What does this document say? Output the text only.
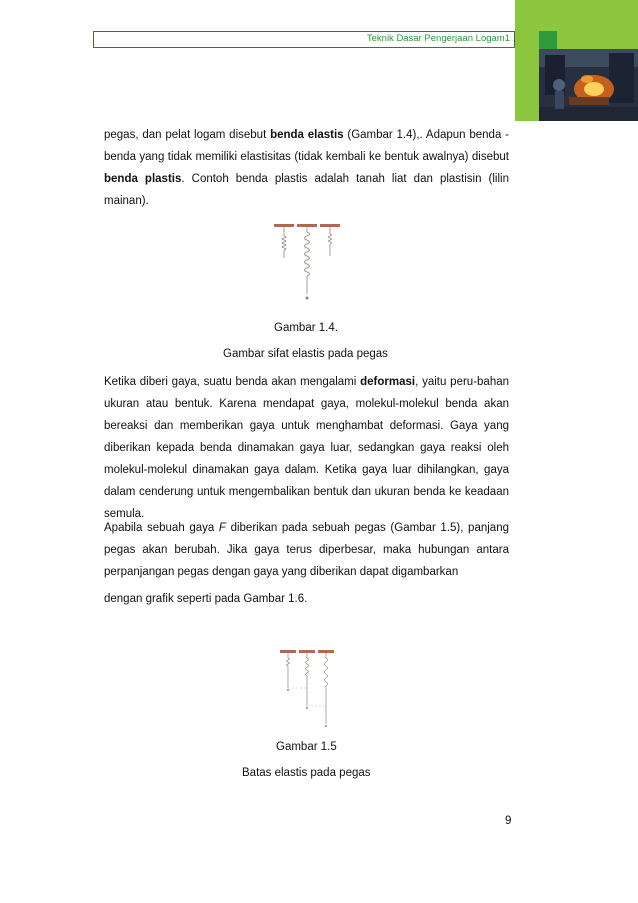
Teknik Dasar Pengerjaan Logam1

pegas, dan pelat logam disebut benda elastis (Gambar 1.4),. Adapun benda -benda yang tidak memiliki elastisitas (tidak kembali ke bentuk awalnya) disebut benda plastis. Contoh benda plastis adalah tanah liat dan plastisin (lilin mainan).

Gambar 1.4.

Gambar sifat elastis pada pegas

Ketika diberi gaya, suatu benda akan mengalami deformasi, yaitu peru-bahan ukuran atau bentuk. Karena mendapat gaya, molekul-molekul benda akan bereaksi dan memberikan gaya untuk menghambat deformasi. Gaya yang diberikan kepada benda dinamakan gaya luar, sedangkan gaya reaksi oleh molekul-molekul dinamakan gaya dalam. Ketika gaya luar dihilangkan, gaya dalam cenderung untuk mengembalikan bentuk dan ukuran benda ke keadaan semula.

Apabila sebuah gaya F diberikan pada sebuah pegas (Gambar 1.5), panjang pegas akan berubah. Jika gaya terus diperbesar, maka hubungan antara perpanjangan pegas dengan gaya yang diberikan dapat digambarkan

dengan grafik seperti pada Gambar 1.6.

Gambar 1.5

Batas elastis pada pegas

9
